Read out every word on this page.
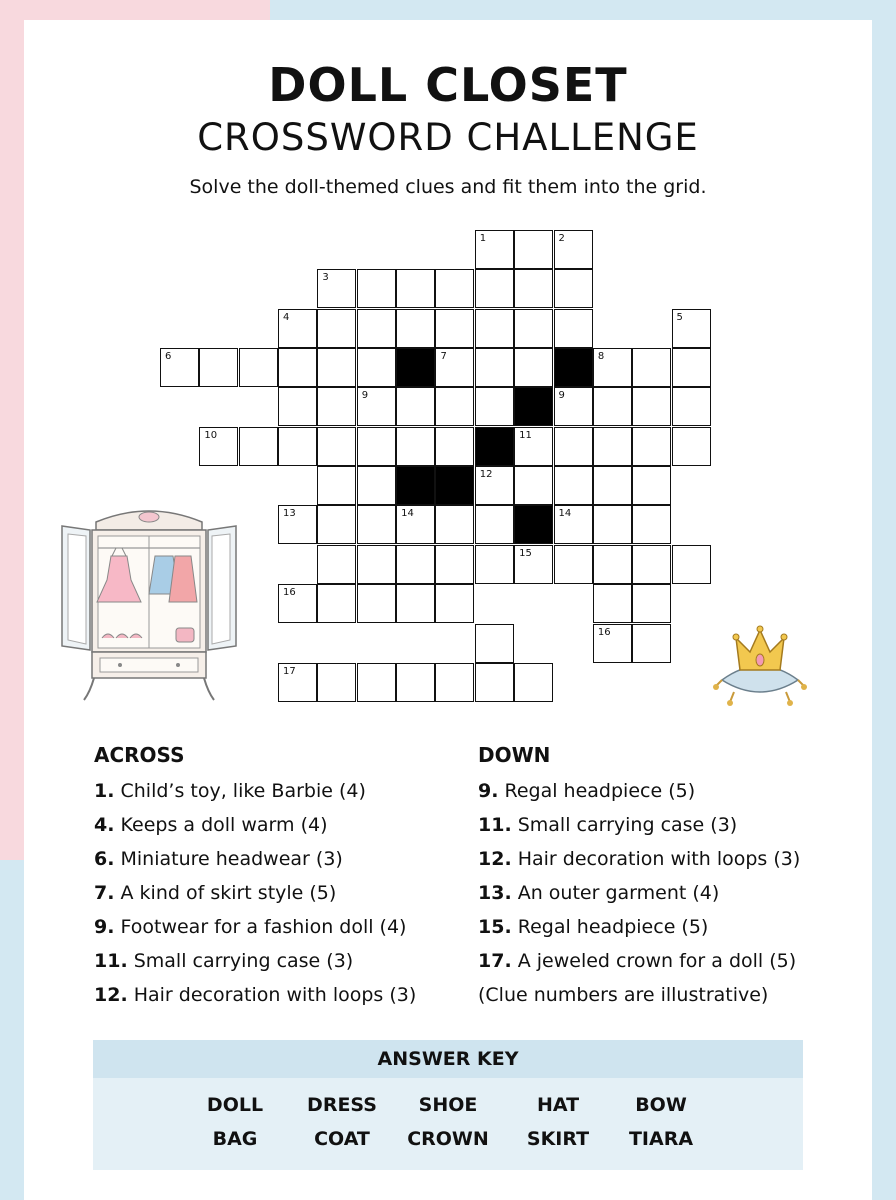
DOLL CLOSET
CROSSWORD CHALLENGE
Solve the doll-themed clues and fit them into the grid.
1	2
3
4	5
6	7	8
9	9
10	11
12
13	14	14
15
16
16
17
ACROSS
1. Child’s toy, like Barbie (4)
4. Keeps a doll warm (4)
6. Miniature headwear (3)
7. A kind of skirt style (5)
9. Footwear for a fashion doll (4)
11. Small carrying case (3)
12. Hair decoration with loops (3)
DOWN
9. Regal headpiece (5)
11. Small carrying case (3)
12. Hair decoration with loops (3)
13. An outer garment (4)
15. Regal headpiece (5)
17. A jeweled crown for a doll (5)
(Clue numbers are illustrative)
ANSWER KEY
DOLL	DRESS	SHOE	HAT	BOW
BAG	COAT	CROWN	SKIRT	TIARA
